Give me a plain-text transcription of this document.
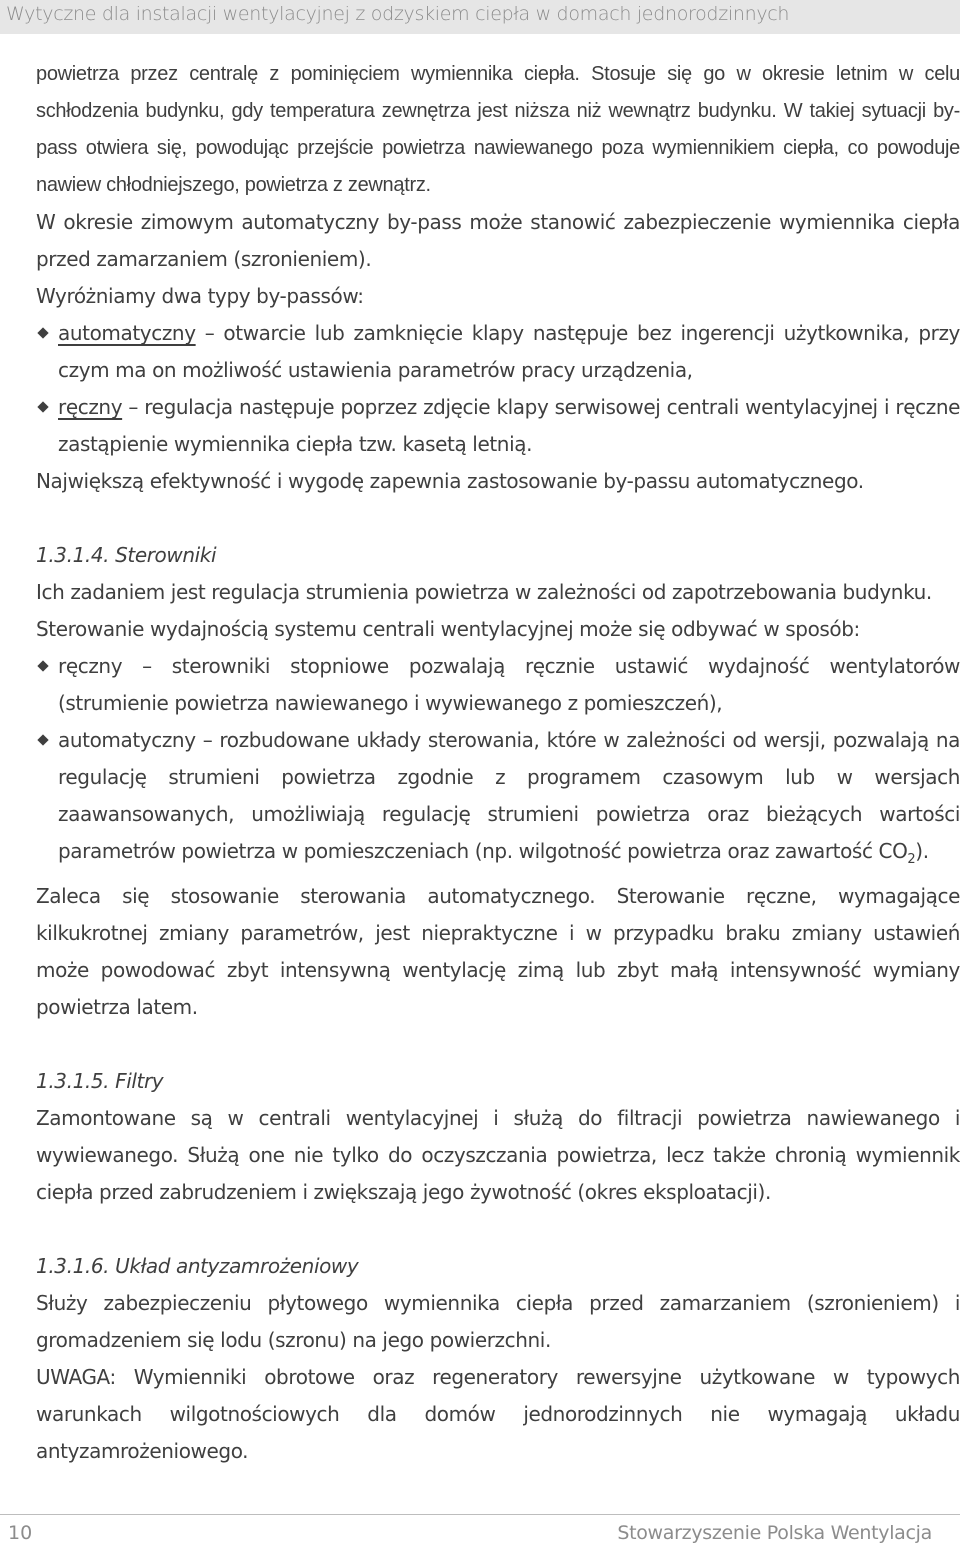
Wytyczne dla instalacji wentylacyjnej z odzyskiem ciepła w domach jednorodzinnych

powietrza przez centralę z pominięciem wymiennika ciepła. Stosuje się go w okresie letnim w celu schłodzenia budynku, gdy temperatura zewnętrza jest niższa niż wewnątrz budynku. W takiej sytuacji by-pass otwiera się, powodując przejście powietrza nawiewanego poza wymiennikiem ciepła, co powoduje nawiew chłodniejszego, powietrza z zewnątrz.

W okresie zimowym automatyczny by-pass może stanowić zabezpieczenie wymiennika ciepła przed zamarzaniem (szronieniem).

Wyróżniamy dwa typy by-passów:

automatyczny – otwarcie lub zamknięcie klapy następuje bez ingerencji użytkownika, przy czym ma on możliwość ustawienia parametrów pracy urządzenia,
ręczny – regulacja następuje poprzez zdjęcie klapy serwisowej centrali wentylacyjnej i ręczne zastąpienie wymiennika ciepła tzw. kasetą letnią.

Największą efektywność i wygodę zapewnia zastosowanie by-passu automatycznego.

1.3.1.4. Sterowniki

Ich zadaniem jest regulacja strumienia powietrza w zależności od zapotrzebowania budynku.

Sterowanie wydajnością systemu centrali wentylacyjnej może się odbywać w sposób:

ręczny – sterowniki stopniowe pozwalają ręcznie ustawić wydajność wentylatorów (strumienie powietrza nawiewanego i wywiewanego z pomieszczeń),
automatyczny – rozbudowane układy sterowania, które w zależności od wersji, pozwalają na regulację strumieni powietrza zgodnie z programem czasowym lub w wersjach zaawansowanych, umożliwiają regulację strumieni powietrza oraz bieżących wartości parametrów powietrza w pomieszczeniach (np. wilgotność powietrza oraz zawartość $CO_2$).

Zaleca się stosowanie sterowania automatycznego. Sterowanie ręczne, wymagające kilkukrotnej zmiany parametrów, jest niepraktyczne i w przypadku braku zmiany ustawień może powodować zbyt intensywną wentylację zimą lub zbyt małą intensywność wymiany powietrza latem.

1.3.1.5. Filtry

Zamontowane są w centrali wentylacyjnej i służą do filtracji powietrza nawiewanego i wywiewanego. Służą one nie tylko do oczyszczania powietrza, lecz także chronią wymiennik ciepła przed zabrudzeniem i zwiększają jego żywotność (okres eksploatacji).

1.3.1.6. Układ antyzamrożeniowy

Służy zabezpieczeniu płytowego wymiennika ciepła przed zamarzaniem (szronieniem) i gromadzeniem się lodu (szronu) na jego powierzchni.

UWAGA: Wymienniki obrotowe oraz regeneratory rewersyjne użytkowane w typowych warunkach wilgotnościowych dla domów jednorodzinnych nie wymagają układu antyzamrożeniowego.

10	Stowarzyszenie Polska Wentylacja
